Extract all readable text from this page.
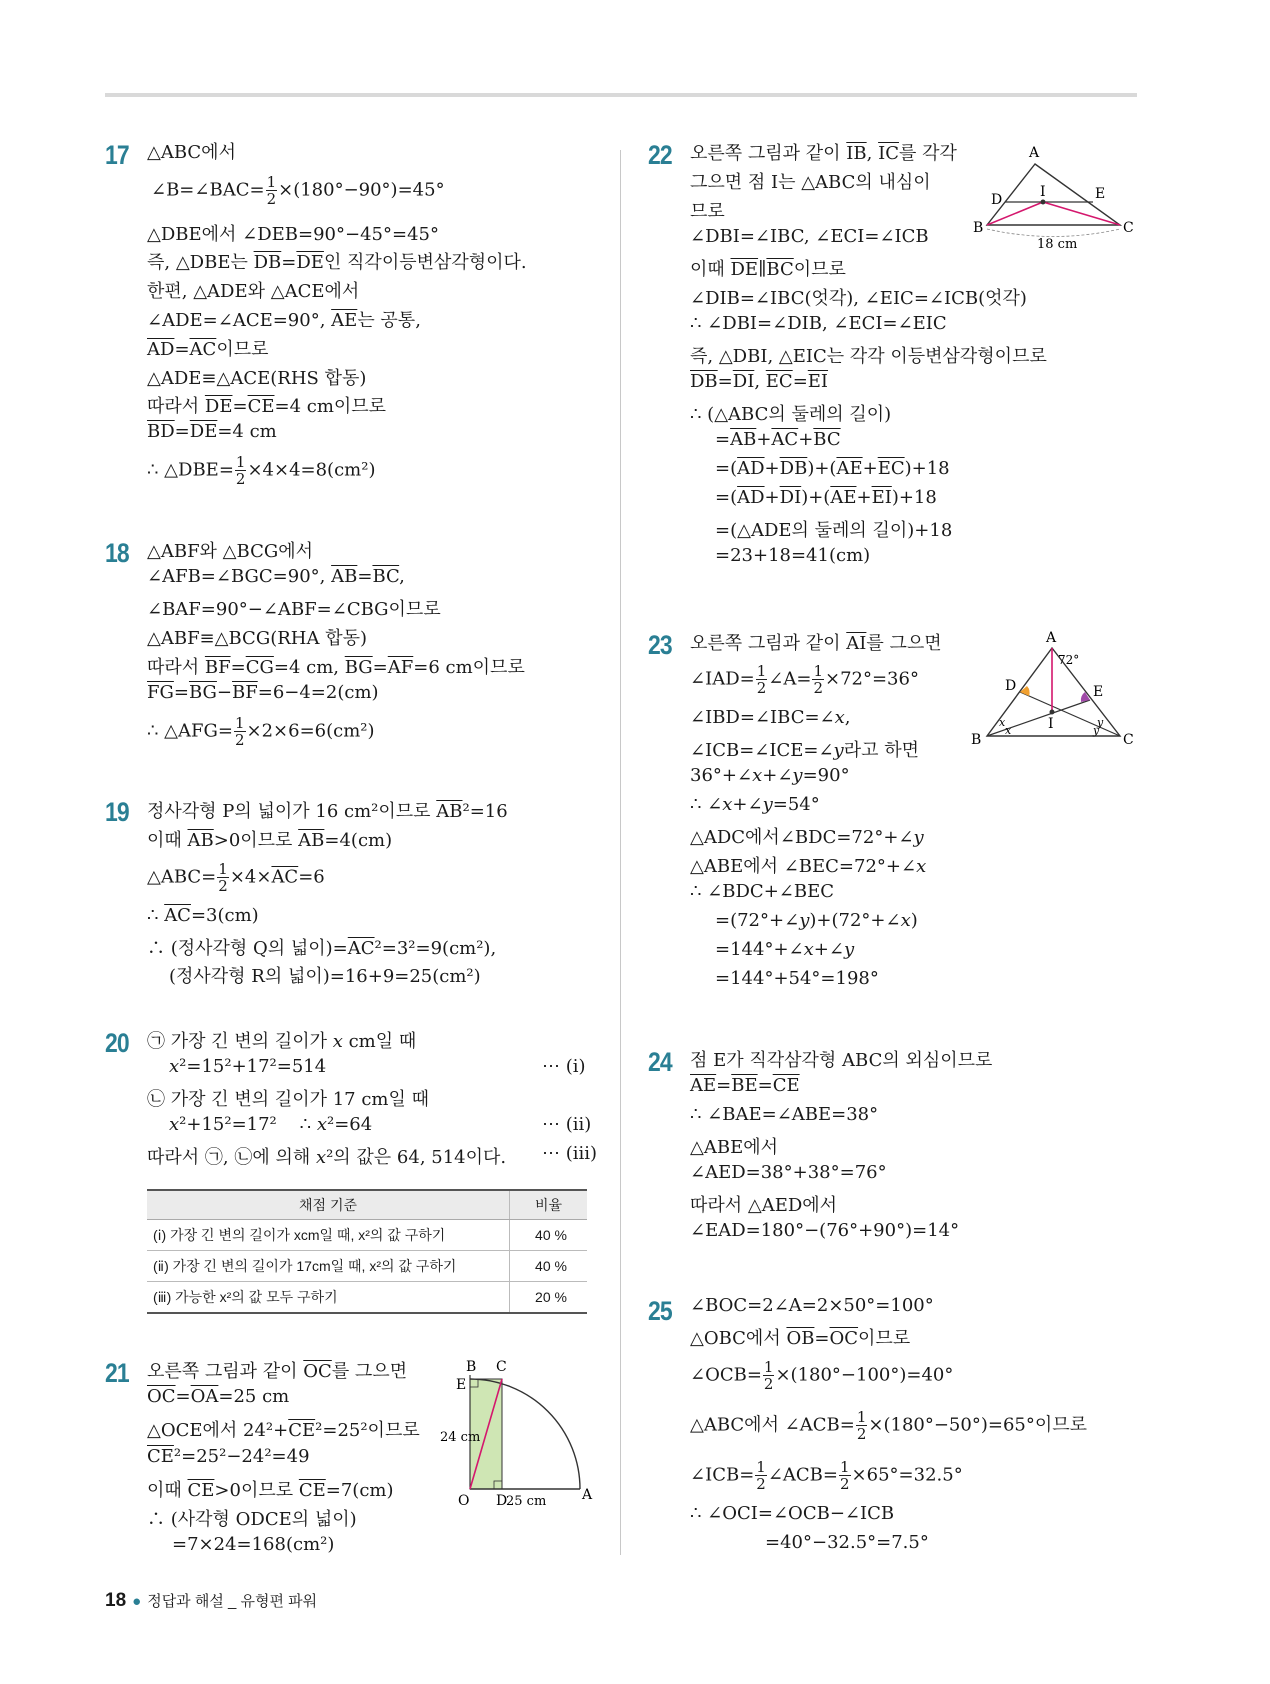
17 △ABC에서
∠B=∠BAC= $\frac{1}{2} \times(180^\circ-90^\circ)=45^\circ$
△DBE에서 ∠DEB=90°−45°=45°
즉, △DBE는 $\overline{DB}=\overline{DE}$인 직각이등변삼각형이다.
한편, △ADE와 △ACE에서
∠ADE=∠ACE=90°, $\overline{AE}$는 공통,
$\overline{AD}=\overline{AC}$이므로
△ADE≡△ACE(RHS 합동)
따라서 $\overline{DE}=\overline{CE}=4$ cm이므로
$\overline{BD}=\overline{DE}=4$ cm
∴ △DBE= $\frac{1}{2} \times 4\times 4=8(cm^2)$
18 △ABF와 △BCG에서
∠AFB=∠BGC=90°, $\overline{AB}=\overline{BC}$,
∠BAF=90°−∠ABF=∠CBG이므로
△ABF≡△BCG(RHA 합동)
따라서 $\overline{BF}=\overline{CG}=4$ cm, $\overline{BG}=\overline{AF}=6$ cm이므로
$\overline{FG}=\overline{BG}-\overline{BF}=6-4=2(cm)$
∴ △AFG= $\frac{1}{2} \times 2\times 6=6(cm^2)$
19 정사각형 P의 넓이가 16 cm²이므로 $\overline{AB}^2=16$
이때 $\overline{AB}>0$이므로 $\overline{AB}=4(cm)$
△ABC= $\frac{1}{2} \times 4\times\overline{AC}=6$
∴ $\overline{AC}=3(cm)$
∴ (정사각형 Q의 넓이)$=\overline{AC}^2=3^2=9(cm^2)$,
(정사각형 R의 넓이)=16+9=25(cm²)
20 ㉠ 가장 긴 변의 길이가 x cm일 때
x²=15²+17²=514	⋯ (ⅰ)
㉡ 가장 긴 변의 길이가 17 cm일 때
x²+15²=17²    ∴ x²=64	⋯ (ⅱ)
따라서 ㉠, ㉡에 의해 x²의 값은 64, 514이다. ⋯ (ⅲ)
채점 기준	비율
(ⅰ) 가장 긴 변의 길이가 xcm일 때, x²의 값 구하기	40 %
(ⅱ) 가장 긴 변의 길이가 17cm일 때, x²의 값 구하기	40 %
(ⅲ) 가능한 x²의 값 모두 구하기	20 %
21 오른쪽 그림과 같이 $\overline{OC}$를 그으면
$\overline{OC}=\overline{OA}=25$ cm
△OCE에서 $24^2+\overline{CE}^2=25^2$이므로
$\overline{CE}^2=25^2-24^2=49$
이때 $\overline{CE}>0$이므로 $\overline{CE}=7(cm)$
∴ (사각형 ODCE의 넓이)
=7×24=168(cm²)
B C
E
O D	A
24 cm
25 cm
22 오른쪽 그림과 같이 $\overline{IB}$, $\overline{IC}$를 각각
그으면 점 I는 △ABC의 내심이
므로
∠DBI=∠IBC, ∠ECI=∠ICB
이때 $\overline{DE}\parallel\overline{BC}$이므로
∠DIB=∠IBC(엇각), ∠EIC=∠ICB(엇각)
∴ ∠DBI=∠DIB, ∠ECI=∠EIC
즉, △DBI, △EIC는 각각 이등변삼각형이므로
$\overline{DB}=\overline{DI}$, $\overline{EC}=\overline{EI}$
∴ (△ABC의 둘레의 길이)
$=\overline{AB}+\overline{AC}+\overline{BC}$
$=(\overline{AD}+\overline{DB})+(\overline{AE}+\overline{EC})+18$
$=(\overline{AD}+\overline{DI})+(\overline{AE}+\overline{EI})+18$
=(△ADE의 둘레의 길이)+18
=23+18=41(cm)
A
D	I	E
B	C
18 cm
23 오른쪽 그림과 같이 $\overline{AI}$를 그으면
∠IAD= $\frac{1}{2}$ ∠A= $\frac{1}{2} \times 72^\circ=36^\circ$
∠IBD=∠IBC=∠x,
∠ICB=∠ICE=∠y라고 하면
36°+∠x+∠y=90°
∴ ∠x+∠y=54°
△ADC에서∠BDC=72°+∠y
△ABE에서 ∠BEC=72°+∠x
∴ ∠BDC+∠BEC
=(72°+∠y)+(72°+∠x)
=144°+∠x+∠y
=144°+54°=198°
A
72°
D	E
I
B	C
x
x
y
y
24 점 E가 직각삼각형 ABC의 외심이므로
$\overline{AE}=\overline{BE}=\overline{CE}$
∴ ∠BAE=∠ABE=38°
△ABE에서
∠AED=38°+38°=76°
따라서 △AED에서
∠EAD=180°−(76°+90°)=14°
25 ∠BOC=2∠A=2×50°=100°
△OBC에서 $\overline{OB}=\overline{OC}$이므로
∠OCB= $\frac{1}{2} \times(180^\circ-100^\circ)=40^\circ$
△ABC에서 ∠ACB= $\frac{1}{2} \times(180^\circ-50^\circ)=65^\circ$이므로
∠ICB= $\frac{1}{2}$ ∠ACB= $\frac{1}{2} \times 65^\circ=32.5^\circ$
∴ ∠OCI=∠OCB−∠ICB
=40°−32.5°=7.5°
18 ● 정답과 해설 _ 유형편 파워
